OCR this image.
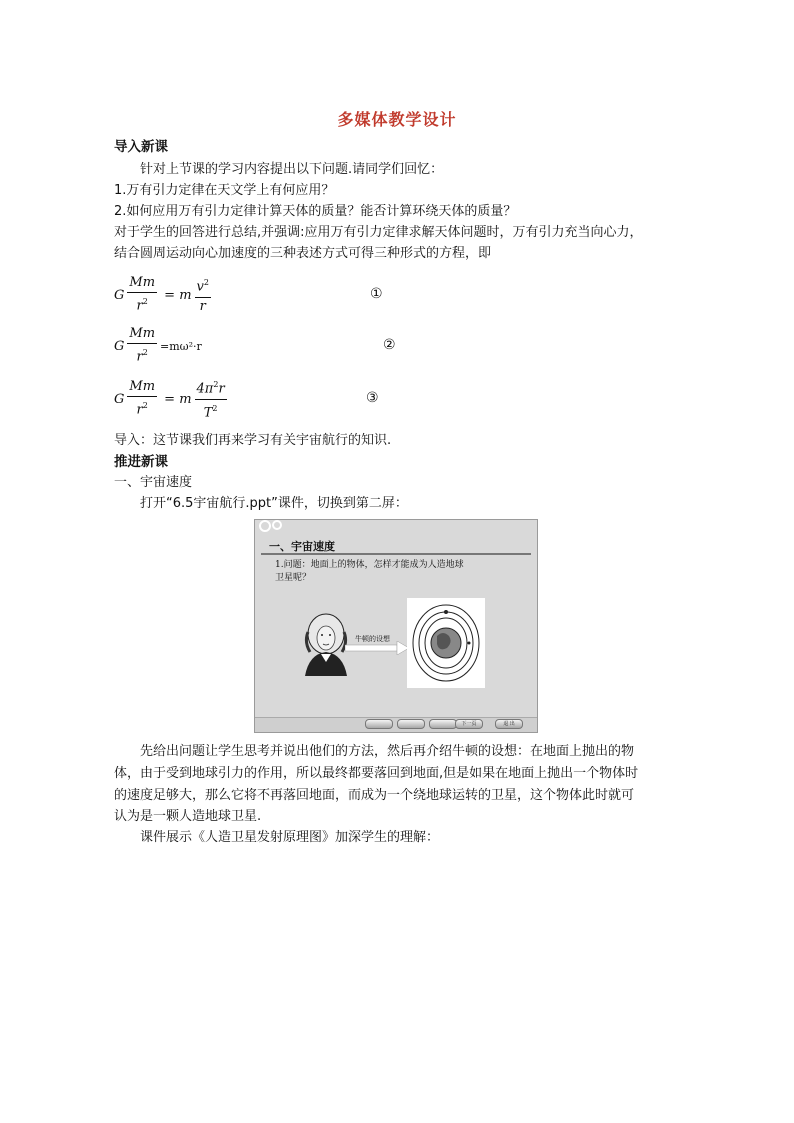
多媒体教学设计
导入新课
针对上节课的学习内容提出以下问题.请同学们回忆：
1.万有引力定律在天文学上有何应用？
2.如何应用万有引力定律计算天体的质量？能否计算环绕天体的质量？
对于学生的回答进行总结,并强调:应用万有引力定律求解天体问题时，万有引力充当向心力，
结合圆周运动向心加速度的三种表述方式可得三种形式的方程，即
G $\frac{Mm}{r^2} = m \frac{v^2}{r}$	①
G $\frac{Mm}{r^2} =m\omega^2\cdot r$	②
G $\frac{Mm}{r^2} = m \frac{4\pi^2r}{T^2}$	③
导入：这节课我们再来学习有关宇宙航行的知识.
推进新课
一、宇宙速度
打开“6.5宇宙航行.ppt”课件，切换到第二屏：
一、宇宙速度
1.问题：地面上的物体，怎样才能成为人造地球
卫星呢？
牛顿的设想
下一页	退 出
先给出问题让学生思考并说出他们的方法，然后再介绍牛顿的设想：在地面上抛出的物
体，由于受到地球引力的作用，所以最终都要落回到地面,但是如果在地面上抛出一个物体时
的速度足够大，那么它将不再落回地面，而成为一个绕地球运转的卫星，这个物体此时就可
认为是一颗人造地球卫星.
课件展示《人造卫星发射原理图》加深学生的理解：
